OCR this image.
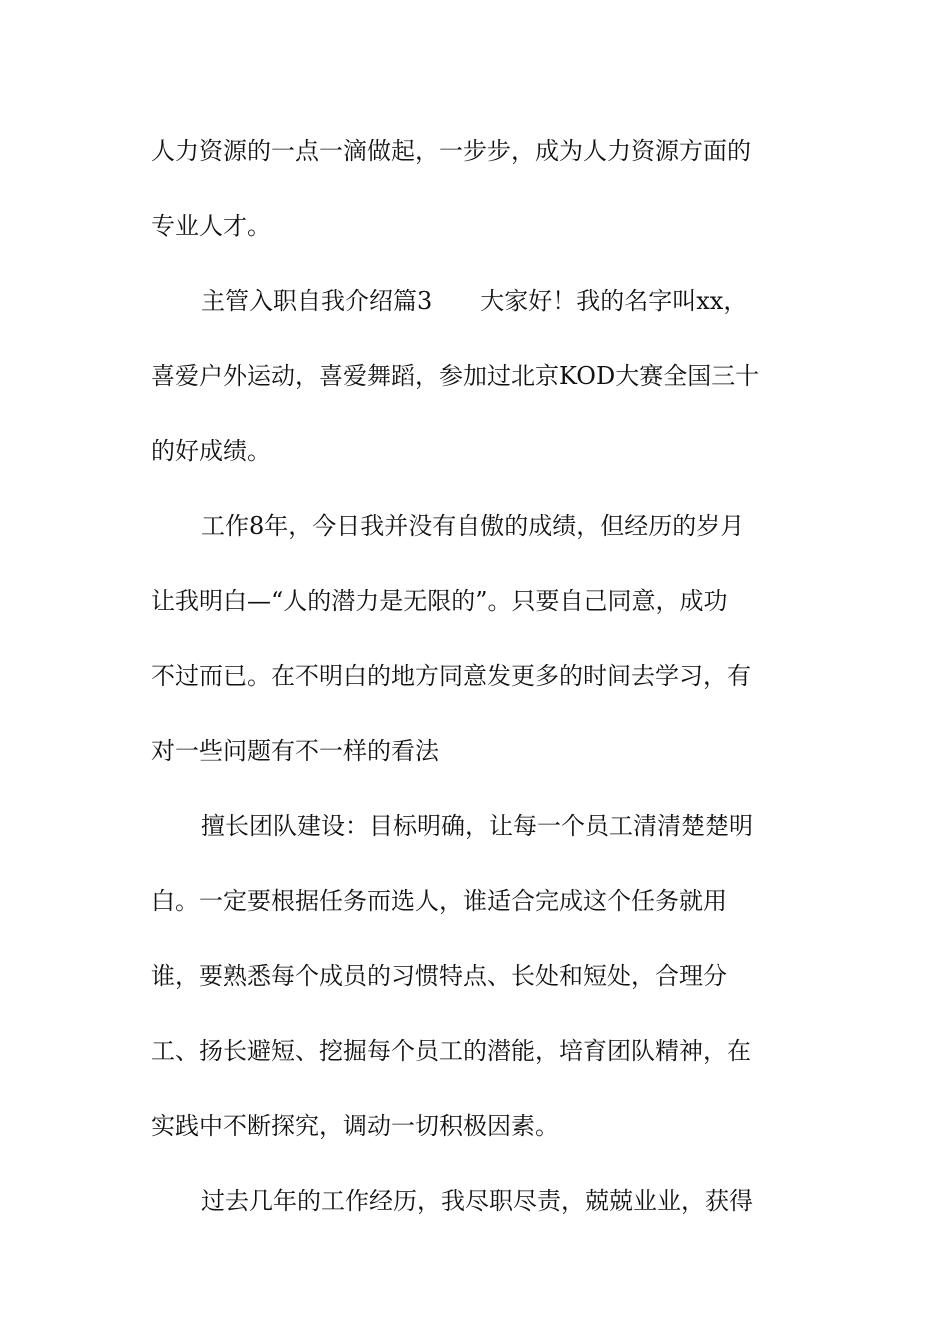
人力资源的一点一滴做起，一步步，成为人力资源方面的
专业人才。
主管入职自我介绍篇3　　大家好！我的名字叫xx，
喜爱户外运动，喜爱舞蹈，参加过北京KOD大赛全国三十
的好成绩。
工作8年，今日我并没有自傲的成绩，但经历的岁月
让我明白—“人的潜力是无限的”。只要自己同意，成功
不过而已。在不明白的地方同意发更多的时间去学习，有
对一些问题有不一样的看法
擅长团队建设：目标明确，让每一个员工清清楚楚明
白。一定要根据任务而选人，谁适合完成这个任务就用
谁，要熟悉每个成员的习惯特点、长处和短处，合理分
工、扬长避短、挖掘每个员工的潜能，培育团队精神，在
实践中不断探究，调动一切积极因素。
过去几年的工作经历，我尽职尽责，兢兢业业，获得
